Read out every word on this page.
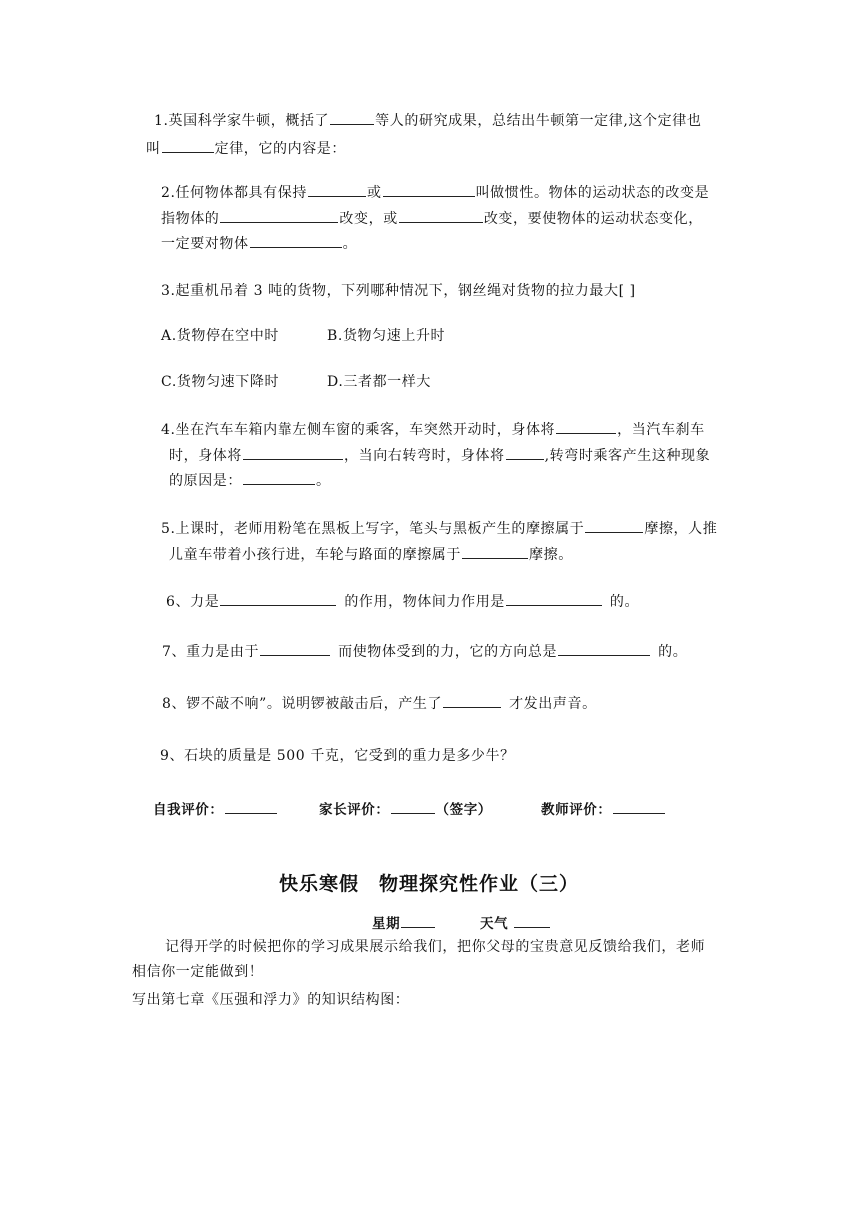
1.英国科学家牛顿，概括了	等人的研究成果，总结出牛顿第一定律,这个定律也
叫	定律，它的内容是：
2.任何物体都具有保持	或	叫做惯性。物体的运动状态的改变是
指物体的	改变，或	改变，要使物体的运动状态变化，
一定要对物体	。
3.起重机吊着 3 吨的货物，下列哪种情况下，钢丝绳对货物的拉力最大[ ]
A.货物停在空中时	B.货物匀速上升时
C.货物匀速下降时	D.三者都一样大
4.坐在汽车车箱内靠左侧车窗的乘客，车突然开动时，身体将	，当汽车刹车
时，身体将	，当向右转弯时，身体将	,转弯时乘客产生这种现象
的原因是：	。
5.上课时，老师用粉笔在黑板上写字，笔头与黑板产生的摩擦属于	摩擦，人推
儿童车带着小孩行进，车轮与路面的摩擦属于	摩擦。
6、力是	的作用，物体间力作用是	的。
7、重力是由于	而使物体受到的力，它的方向总是	的。
8、锣不敲不响”。说明锣被敲击后，产生了	才发出声音。
9、石块的质量是 500 千克，它受到的重力是多少牛？
自我评价：	家长评价：	（签字）	教师评价：
快乐寒假　物理探究性作业（三）
星期	天气
记得开学的时候把你的学习成果展示给我们，把你父母的宝贵意见反馈给我们，老师
相信你一定能做到！
写出第七章《压强和浮力》的知识结构图：
